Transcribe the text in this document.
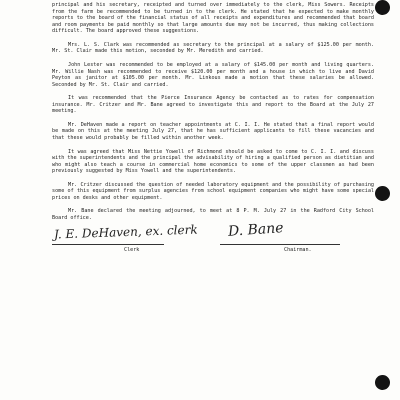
principal and his secretary, receipted and turned over immediately to the clerk, Miss Sowers. Receipts from the farm be recommended to be turned in to the clerk. He stated that he expected to make monthly reports to the board of the financial status of all receipts and expenditures and recommended that board and room payments be paid monthly so that large amounts due may not be incurred, thus making collections difficult. The board approved these suggestions.

Mrs. L. S. Clark was recommended as secretary to the principal at a salary of $125.00 per month. Mr. St. Clair made this motion, seconded by Mr. Meredith and carried.

John Lester was recommended to be employed at a salary of $145.00 per month and living quarters. Mr. Willie Nash was recommended to receive $120.00 per month and a house in which to live and David Peyton as janitor at $105.00 per month. Mr. Linkous made a motion that these salaries be allowed. Seconded by Mr. St. Clair and carried.

It was recommended that the Pierce Insurance Agency be contacted as to rates for compensation insurance. Mr. Critzer and Mr. Bane agreed to investigate this and report to the Board at the July 27 meeting.

Mr. DeHaven made a report on teacher appointments at C. I. I. He stated that a final report would be made on this at the meeting July 27, that he has sufficient applicants to fill these vacancies and that these would probably be filled within another week.

It was agreed that Miss Nettie Yowell of Richmond should be asked to come to C. I. I. and discuss with the superintendents and the principal the advisability of hiring a qualified person as dietitian and who might also teach a course in commercial home economics to some of the upper classmen as had been previously suggested by Miss Yowell and the superintendents.

Mr. Critzer discussed the question of needed laboratory equipment and the possibility of purchasing some of this equipment from surplus agencies from school equipment companies who might have some special prices on desks and other equipment.

Mr. Bane declared the meeting adjourned, to meet at 8 P. M. July 27 in the Radford City School Board office.

J. E. DeHaven, ex. clerk
Clerk
D. Bane
Chairman.
